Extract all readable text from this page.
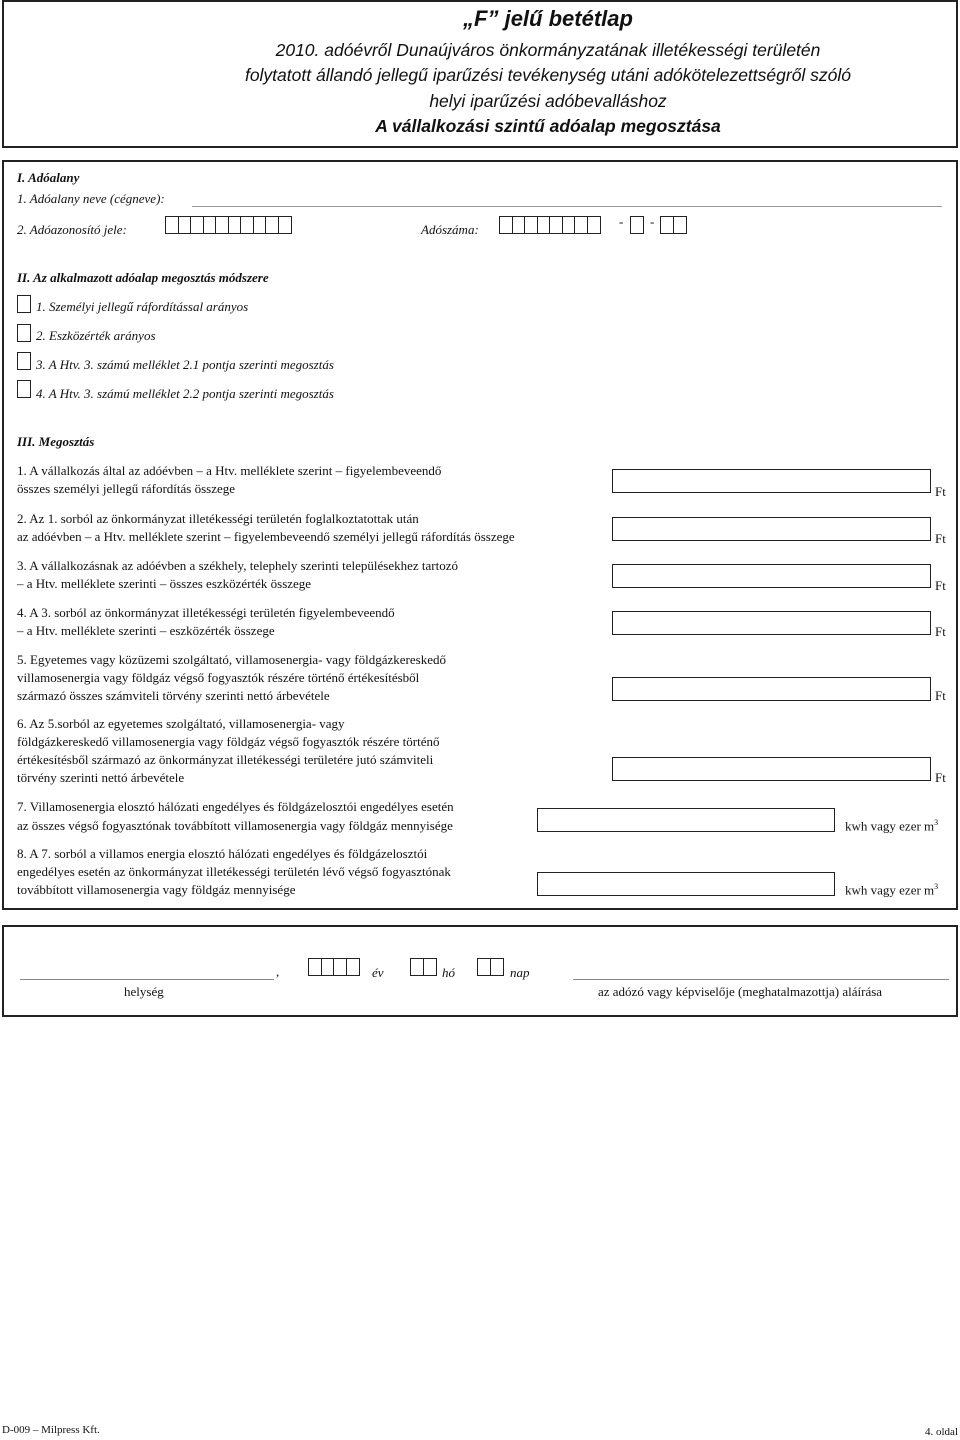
„F” jelű betétlap
2010. adóévről Dunaújváros önkormányzatának illetékességi területén
folytatott állandó jellegű iparűzési tevékenység utáni adókötelezettségről szóló
helyi iparűzési adóbevalláshoz
A vállalkozási szintű adóalap megosztása
I. Adóalany
1. Adóalany neve (cégneve):
2. Adóazonosító jele:	Adószáma:
- -
II. Az alkalmazott adóalap megosztás módszere
1. Személyi jellegű ráfordítással arányos
2. Eszközérték arányos
3. A Htv. 3. számú melléklet 2.1 pontja szerinti megosztás
4. A Htv. 3. számú melléklet 2.2 pontja szerinti megosztás
III. Megosztás
1. A vállalkozás által az adóévben – a Htv. melléklete szerint – figyelembeveendő
összes személyi jellegű ráfordítás összege	Ft
2. Az 1. sorból az önkormányzat illetékességi területén foglalkoztatottak után
az adóévben – a Htv. melléklete szerint – figyelembeveendő személyi jellegű ráfordítás összege	Ft
3. A vállalkozásnak az adóévben a székhely, telephely szerinti településekhez tartozó
– a Htv. melléklete szerinti – összes eszközérték összege	Ft
4. A 3. sorból az önkormányzat illetékességi területén figyelembeveendő
– a Htv. melléklete szerinti – eszközérték összege	Ft
5. Egyetemes vagy közüzemi szolgáltató, villamosenergia- vagy földgázkereskedő
villamosenergia vagy földgáz végső fogyasztók részére történő értékesítésből
származó összes számviteli törvény szerinti nettó árbevétele	Ft
6. Az 5.sorból az egyetemes szolgáltató, villamosenergia- vagy
földgázkereskedő villamosenergia vagy földgáz végső fogyasztók részére történő
értékesítésből származó az önkormányzat illetékességi területére jutó számviteli
törvény szerinti nettó árbevétele	Ft
7. Villamosenergia elosztó hálózati engedélyes és földgázelosztói engedélyes esetén
az összes végső fogyasztónak továbbított villamosenergia vagy földgáz mennyisége	kwh vagy ezer $m^3$
8. A 7. sorból a villamos energia elosztó hálózati engedélyes és földgázelosztói
engedélyes esetén az önkormányzat illetékességi területén lévő végső fogyasztónak
továbbított villamosenergia vagy földgáz mennyisége	kwh vagy ezer $m^3$
,	év	hó	nap
helység	az adózó vagy képviselője (meghatalmazottja) aláírása
D-009 – Milpress Kft.	4. oldal
